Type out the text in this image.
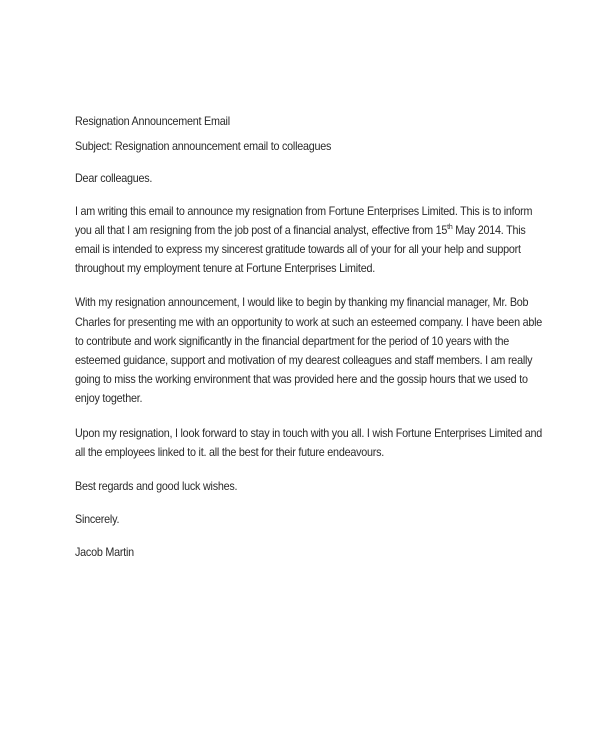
Resignation Announcement Email

Subject: Resignation announcement email to colleagues

Dear colleagues.

I am writing this email to announce my resignation from Fortune Enterprises Limited. This is to inform you all that I am resigning from the job post of a financial analyst, effective from 15th May 2014. This email is intended to express my sincerest gratitude towards all of your for all your help and support throughout my employment tenure at Fortune Enterprises Limited.

With my resignation announcement, I would like to begin by thanking my financial manager, Mr. Bob Charles for presenting me with an opportunity to work at such an esteemed company. I have been able to contribute and work significantly in the financial department for the period of 10 years with the esteemed guidance, support and motivation of my dearest colleagues and staff members. I am really going to miss the working environment that was provided here and the gossip hours that we used to enjoy together.

Upon my resignation, I look forward to stay in touch with you all. I wish Fortune Enterprises Limited and all the employees linked to it. all the best for their future endeavours.

Best regards and good luck wishes.

Sincerely.

Jacob Martin
